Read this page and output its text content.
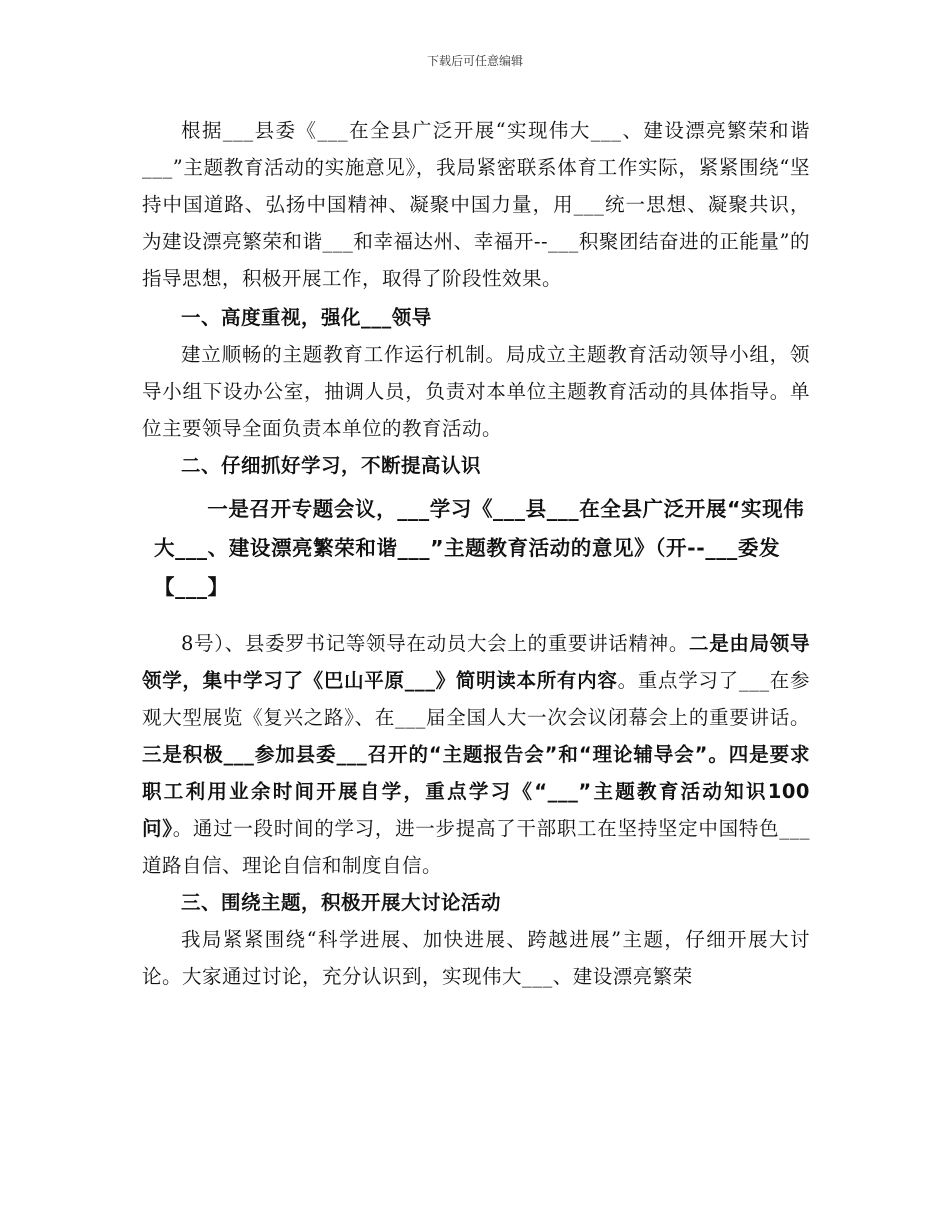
下载后可任意编辑

根据___县委《___在全县广泛开展“实现伟大___、建设漂亮繁荣和谐___”主题教育活动的实施意见》，我局紧密联系体育工作实际，紧紧围绕“坚持中国道路、弘扬中国精神、凝聚中国力量，用___统一思想、凝聚共识，为建设漂亮繁荣和谐___和幸福达州、幸福开--___积聚团结奋进的正能量”的指导思想，积极开展工作，取得了阶段性效果。

一、高度重视，强化___领导

建立顺畅的主题教育工作运行机制。局成立主题教育活动领导小组，领导小组下设办公室，抽调人员，负责对本单位主题教育活动的具体指导。单位主要领导全面负责本单位的教育活动。

二、仔细抓好学习，不断提高认识

一是召开专题会议，___学习《___县___在全县广泛开展“实现伟大___、建设漂亮繁荣和谐___”主题教育活动的意见》（开--___委发【___】

8号）、县委罗书记等领导在动员大会上的重要讲话精神。二是由局领导领学，集中学习了《巴山平原___》简明读本所有内容。重点学习了___在参观大型展览《复兴之路》、在___届全国人大一次会议闭幕会上的重要讲话。三是积极___参加县委___召开的“主题报告会”和“理论辅导会”。四是要求职工利用业余时间开展自学，重点学习《“___”主题教育活动知识100问》。通过一段时间的学习，进一步提高了干部职工在坚持坚定中国特色___道路自信、理论自信和制度自信。

三、围绕主题，积极开展大讨论活动

我局紧紧围绕“科学进展、加快进展、跨越进展”主题，仔细开展大讨论。大家通过讨论，充分认识到，实现伟大___、建设漂亮繁荣
